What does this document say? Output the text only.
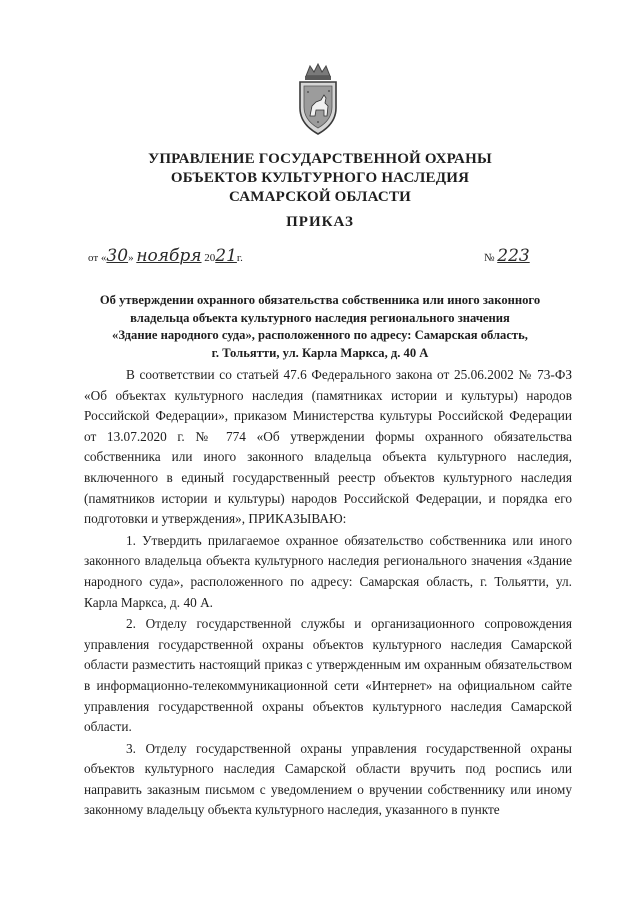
УПРАВЛЕНИЕ ГОСУДАРСТВЕННОЙ ОХРАНЫ
ОБЪЕКТОВ КУЛЬТУРНОГО НАСЛЕДИЯ
САМАРСКОЙ ОБЛАСТИ
ПРИКАЗ
от «30» ноября 2021г.	№ 223
Об утверждении охранного обязательства собственника или иного законного
владельца объекта культурного наследия регионального значения
«Здание народного суда», расположенного по адресу: Самарская область,
г. Тольятти, ул. Карла Маркса, д. 40 А

В соответствии со статьей 47.6 Федерального закона от 25.06.2002 № 73-ФЗ «Об объектах культурного наследия (памятниках истории и культуры) народов Российской Федерации», приказом Министерства культуры Российской Федерации от 13.07.2020 г. № 774 «Об утверждении формы охранного обязательства собственника или иного законного владельца объекта культурного наследия, включенного в единый государственный реестр объектов культурного наследия (памятников истории и культуры) народов Российской Федерации, и порядка его подготовки и утверждения», ПРИКАЗЫВАЮ:

1. Утвердить прилагаемое охранное обязательство собственника или иного законного владельца объекта культурного наследия регионального значения «Здание народного суда», расположенного по адресу: Самарская область, г. Тольятти, ул. Карла Маркса, д. 40 А.

2. Отделу государственной службы и организационного сопровождения управления государственной охраны объектов культурного наследия Самарской области разместить настоящий приказ с утвержденным им охранным обязательством в информационно-телекоммуникационной сети «Интернет» на официальном сайте управления государственной охраны объектов культурного наследия Самарской области.

3. Отделу государственной охраны управления государственной охраны объектов культурного наследия Самарской области вручить под роспись или направить заказным письмом с уведомлением о вручении собственнику или иному законному владельцу объекта культурного наследия, указанного в пункте
